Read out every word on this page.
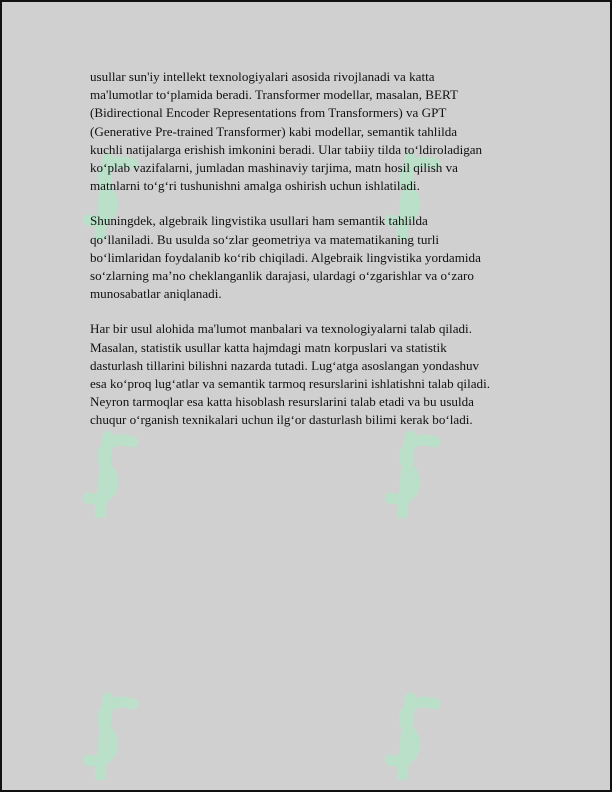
usullar sun'iy intellekt texnologiyalari asosida rivojlanadi va katta
ma'lumotlar to‘plamida beradi. Transformer modellar, masalan, BERT
(Bidirectional Encoder Representations from Transformers) va GPT
(Generative Pre-trained Transformer) kabi modellar, semantik tahlilda
kuchli natijalarga erishish imkonini beradi. Ular tabiiy tilda to‘ldiroladigan
ko‘plab vazifalarni, jumladan mashinaviy tarjima, matn hosil qilish va
matnlarni to‘g‘ri tushunishni amalga oshirish uchun ishlatiladi.

Shuningdek, algebraik lingvistika usullari ham semantik tahlilda
qo‘llaniladi. Bu usulda so‘zlar geometriya va matematikaning turli
bo‘limlaridan foydalanib ko‘rib chiqiladi. Algebraik lingvistika yordamida
so‘zlarning ma’no cheklanganlik darajasi, ulardagi o‘zgarishlar va o‘zaro
munosabatlar aniqlanadi.

Har bir usul alohida ma'lumot manbalari va texnologiyalarni talab qiladi.
Masalan, statistik usullar katta hajmdagi matn korpuslari va statistik
dasturlash tillarini bilishni nazarda tutadi. Lug‘atga asoslangan yondashuv
esa ko‘proq lug‘atlar va semantik tarmoq resurslarini ishlatishni talab qiladi.
Neyron tarmoqlar esa katta hisoblash resurslarini talab etadi va bu usulda
chuqur o‘rganish texnikalari uchun ilg‘or dasturlash bilimi kerak bo‘ladi.
